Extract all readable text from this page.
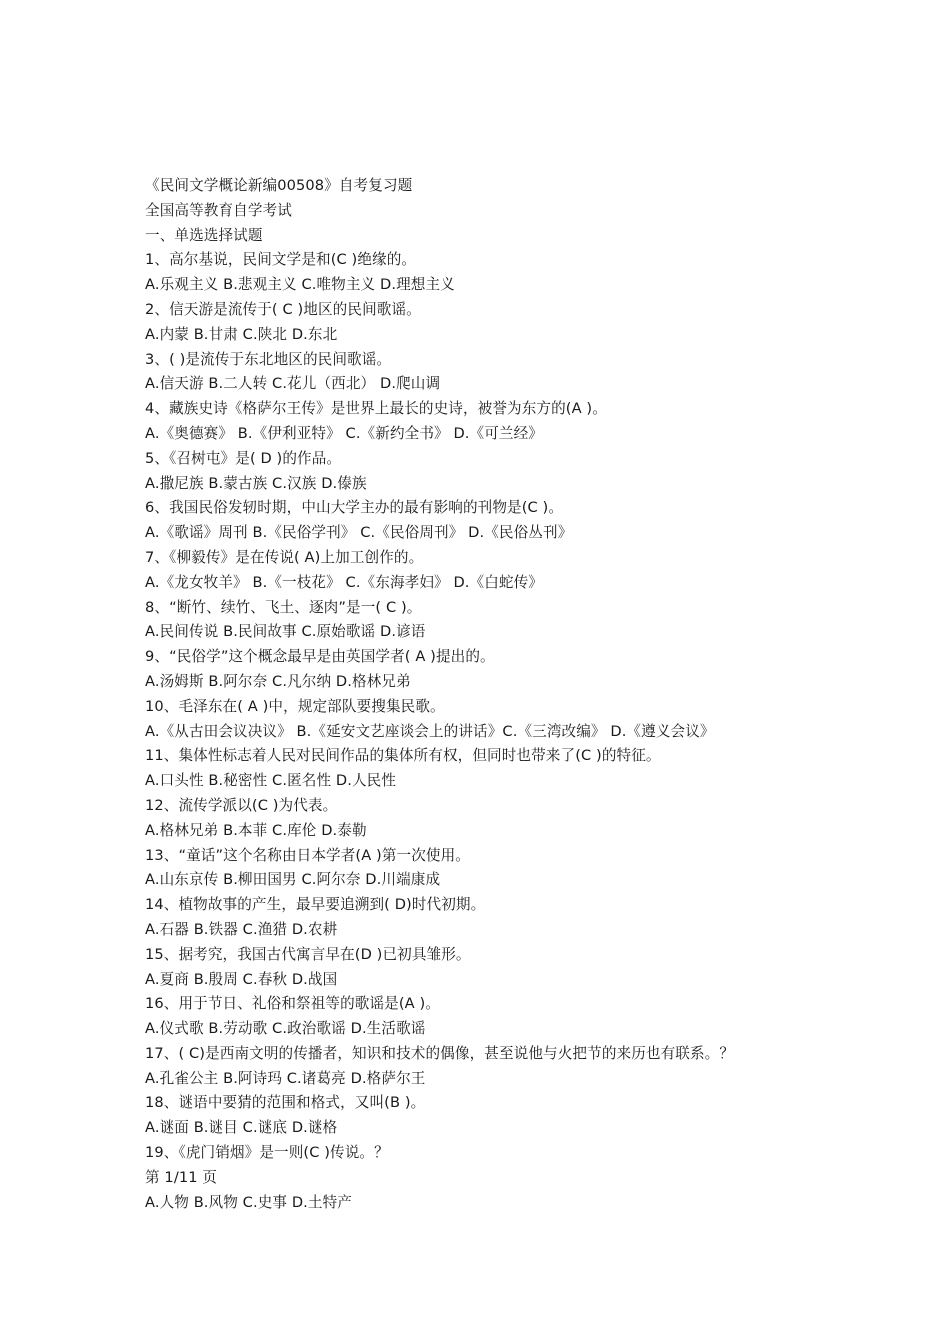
《民间文学概论新编00508》自考复习题
全国高等教育自学考试
一、单选选择试题
1、高尔基说，民间文学是和(C )绝缘的。
A.乐观主义 B.悲观主义 C.唯物主义 D.理想主义
2、信天游是流传于( C )地区的民间歌谣。
A.内蒙 B.甘肃 C.陕北 D.东北
3、( )是流传于东北地区的民间歌谣。
A.信天游 B.二人转 C.花儿（西北） D.爬山调
4、藏族史诗《格萨尔王传》是世界上最长的史诗，被誉为东方的(A )。
A.《奥德赛》 B.《伊利亚特》 C.《新约全书》 D.《可兰经》
5、《召树屯》是( D )的作品。
A.撒尼族 B.蒙古族 C.汉族 D.傣族
6、我国民俗发轫时期，中山大学主办的最有影响的刊物是(C )。
A.《歌谣》周刊 B.《民俗学刊》 C.《民俗周刊》 D.《民俗丛刊》
7、《柳毅传》是在传说( A)上加工创作的。
A.《龙女牧羊》 B.《一枝花》 C.《东海孝妇》 D.《白蛇传》
8、“断竹、续竹、飞土、逐肉”是一( C )。
A.民间传说 B.民间故事 C.原始歌谣 D.谚语
9、“民俗学”这个概念最早是由英国学者( A )提出的。
A.汤姆斯 B.阿尔奈 C.凡尔纳 D.格林兄弟
10、毛泽东在( A )中，规定部队要搜集民歌。
A.《从古田会议决议》 B.《延安文艺座谈会上的讲话》C.《三湾改编》 D.《遵义会议》
11、集体性标志着人民对民间作品的集体所有权，但同时也带来了(C )的特征。
A.口头性 B.秘密性 C.匿名性 D.人民性
12、流传学派以(C )为代表。
A.格林兄弟 B.本菲 C.库伦 D.泰勒
13、“童话”这个名称由日本学者(A )第一次使用。
A.山东京传 B.柳田国男 C.阿尔奈 D.川端康成
14、植物故事的产生，最早要追溯到( D)时代初期。
A.石器 B.铁器 C.渔猎 D.农耕
15、据考究，我国古代寓言早在(D )已初具雏形。
A.夏商 B.殷周 C.春秋 D.战国
16、用于节日、礼俗和祭祖等的歌谣是(A )。
A.仪式歌 B.劳动歌 C.政治歌谣 D.生活歌谣
17、( C)是西南文明的传播者，知识和技术的偶像，甚至说他与火把节的来历也有联系。？
A.孔雀公主 B.阿诗玛 C.诸葛亮 D.格萨尔王
18、谜语中要猜的范围和格式，又叫(B )。
A.谜面 B.谜目 C.谜底 D.谜格
19、《虎门销烟》是一则(C )传说。？
第 1/11 页
A.人物 B.风物 C.史事 D.土特产
